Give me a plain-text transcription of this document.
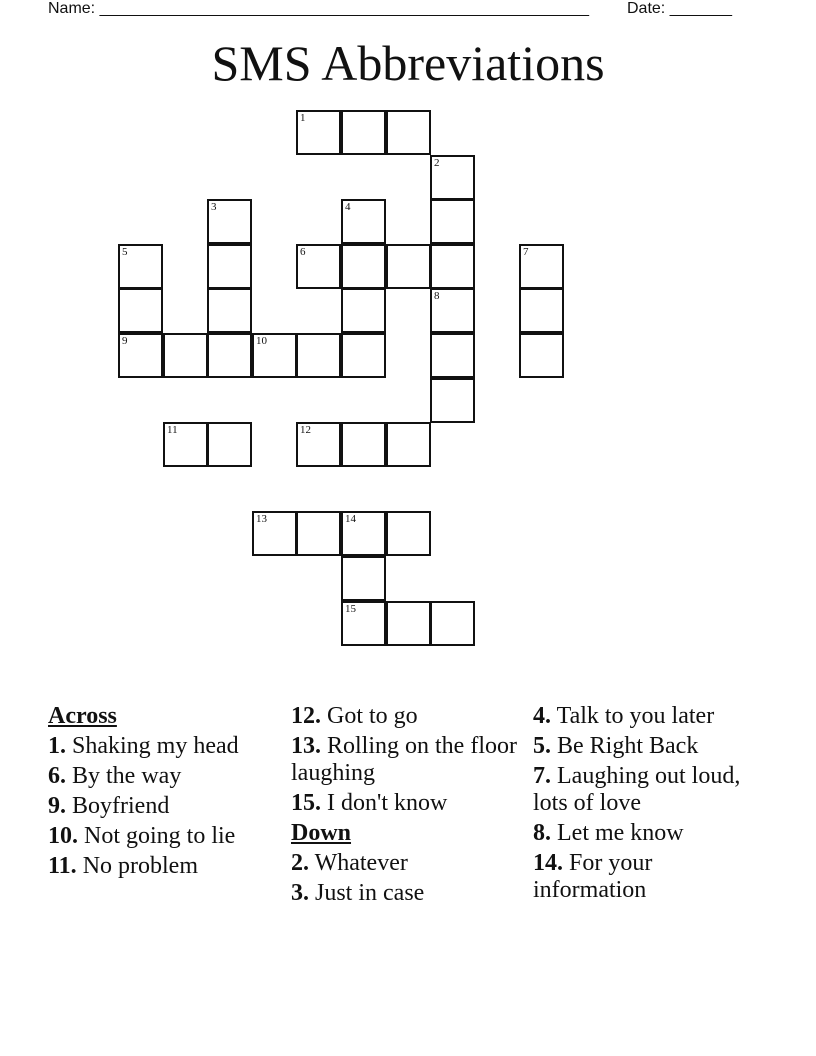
Name: _______________________________________________________ Date: _______
SMS Abbreviations
1
2
3	4
5	6	7
8
9	10
11	12
13	14
15
Across
1. Shaking my head
6. By the way
9. Boyfriend
10. Not going to lie
11. No problem
12. Got to go
13. Rolling on the floor laughing
15. I don't know
Down
2. Whatever
3. Just in case
4. Talk to you later
5. Be Right Back
7. Laughing out loud, lots of love
8. Let me know
14. For your information
